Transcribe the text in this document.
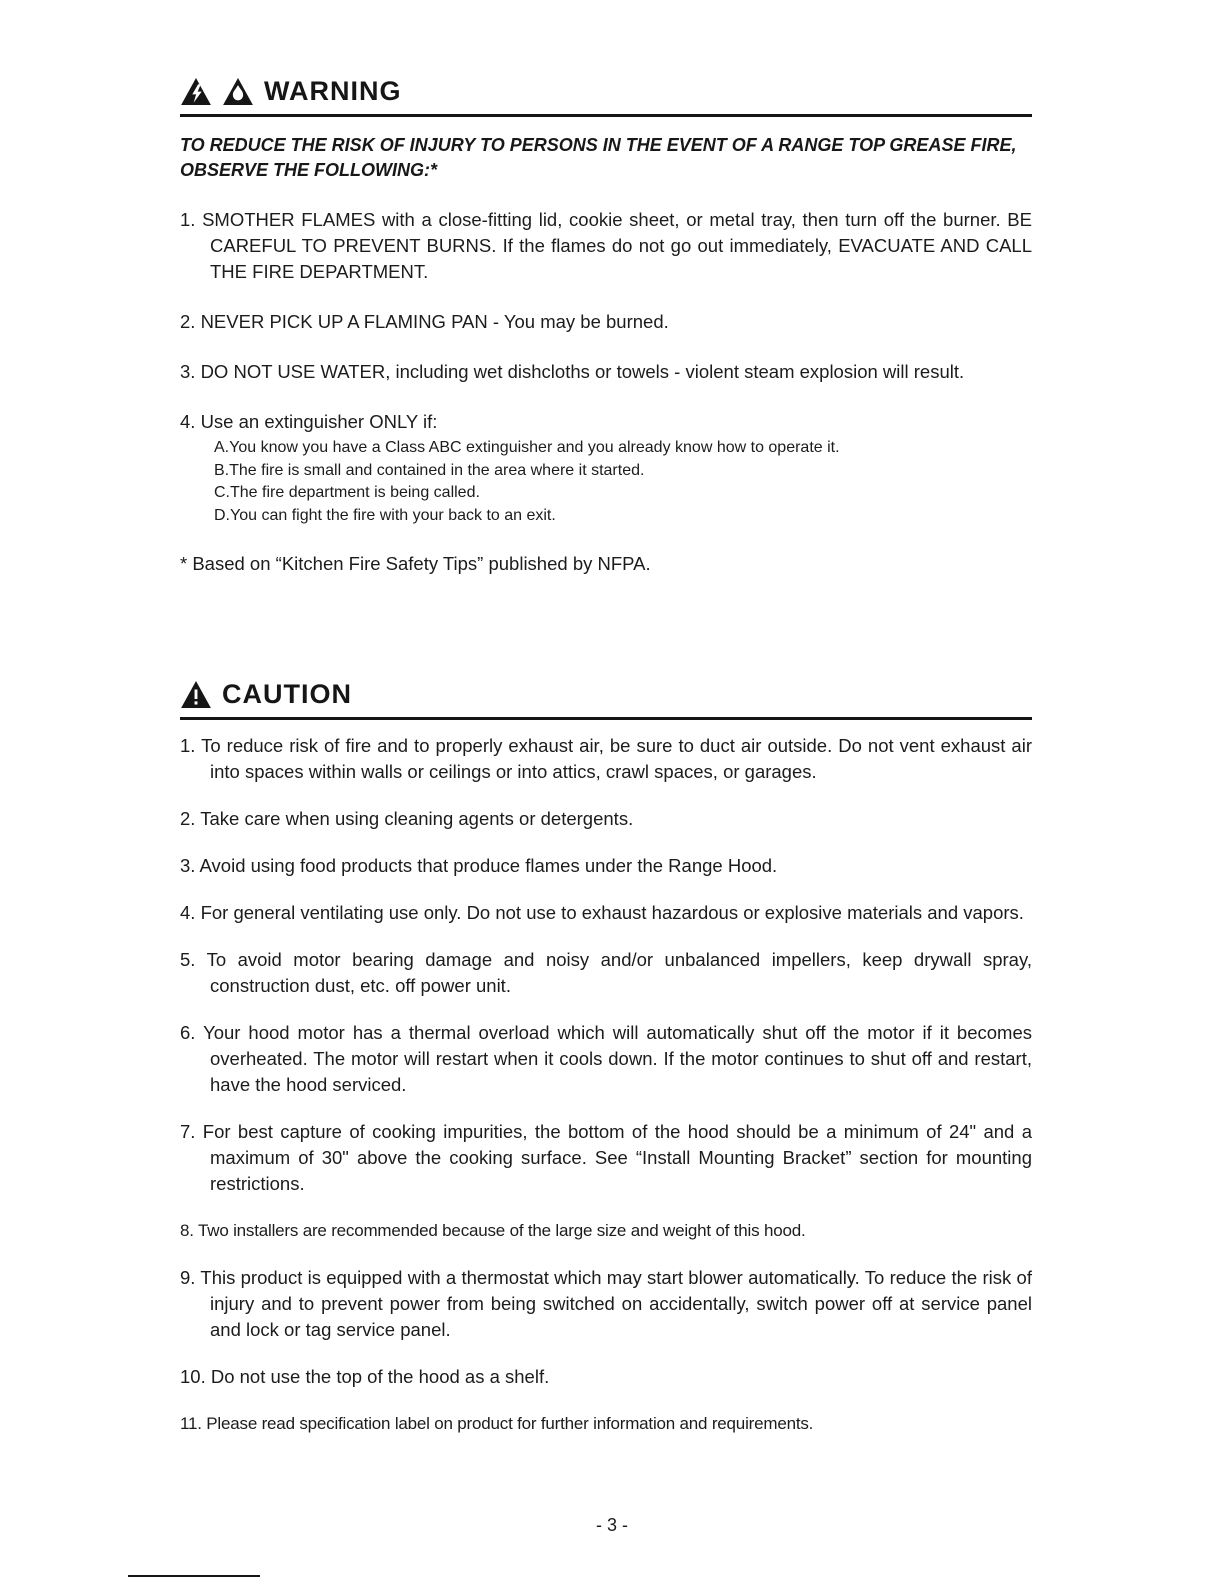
WARNING

TO REDUCE THE RISK OF INJURY TO PERSONS IN THE EVENT OF A RANGE TOP GREASE FIRE, OBSERVE THE FOLLOWING:*

1. SMOTHER FLAMES with a close-fitting lid, cookie sheet, or metal tray, then turn off the burner. BE CAREFUL TO PREVENT BURNS. If the flames do not go out immediately, EVACUATE AND CALL THE FIRE DEPARTMENT.
2. NEVER PICK UP A FLAMING PAN - You may be burned.
3. DO NOT USE WATER, including wet dishcloths or towels - violent steam explosion will result.
4. Use an extinguisher ONLY if:
A.You know you have a Class ABC extinguisher and you already know how to operate it.
B.The fire is small and contained in the area where it started.
C.The fire department is being called.
D.You can fight the fire with your back to an exit.

* Based on “Kitchen Fire Safety Tips” published by NFPA.

CAUTION
1. To reduce risk of fire and to properly exhaust air, be sure to duct air outside. Do not vent exhaust air into spaces within walls or ceilings or into attics, crawl spaces, or garages.
2. Take care when using cleaning agents or detergents.
3. Avoid using food products that produce flames under the Range Hood.
4. For general ventilating use only. Do not use to exhaust hazardous or explosive materials and vapors.
5. To avoid motor bearing damage and noisy and/or unbalanced impellers, keep drywall spray, construction dust, etc. off power unit.
6. Your hood motor has a thermal overload which will automatically shut off the motor if it becomes overheated. The motor will restart when it cools down. If the motor continues to shut off and restart, have the hood serviced.
7. For best capture of cooking impurities, the bottom of the hood should be a minimum of 24" and a maximum of 30" above the cooking surface. See “Install Mounting Bracket” section for mounting restrictions.
8. Two installers are recommended because of the large size and weight of this hood.
9. This product is equipped with a thermostat which may start blower automatically. To reduce the risk of injury and to prevent power from being switched on accidentally, switch power off at service panel and lock or tag service panel.
10. Do not use the top of the hood as a shelf.
11. Please read specification label on product for further information and requirements.
- 3 -
